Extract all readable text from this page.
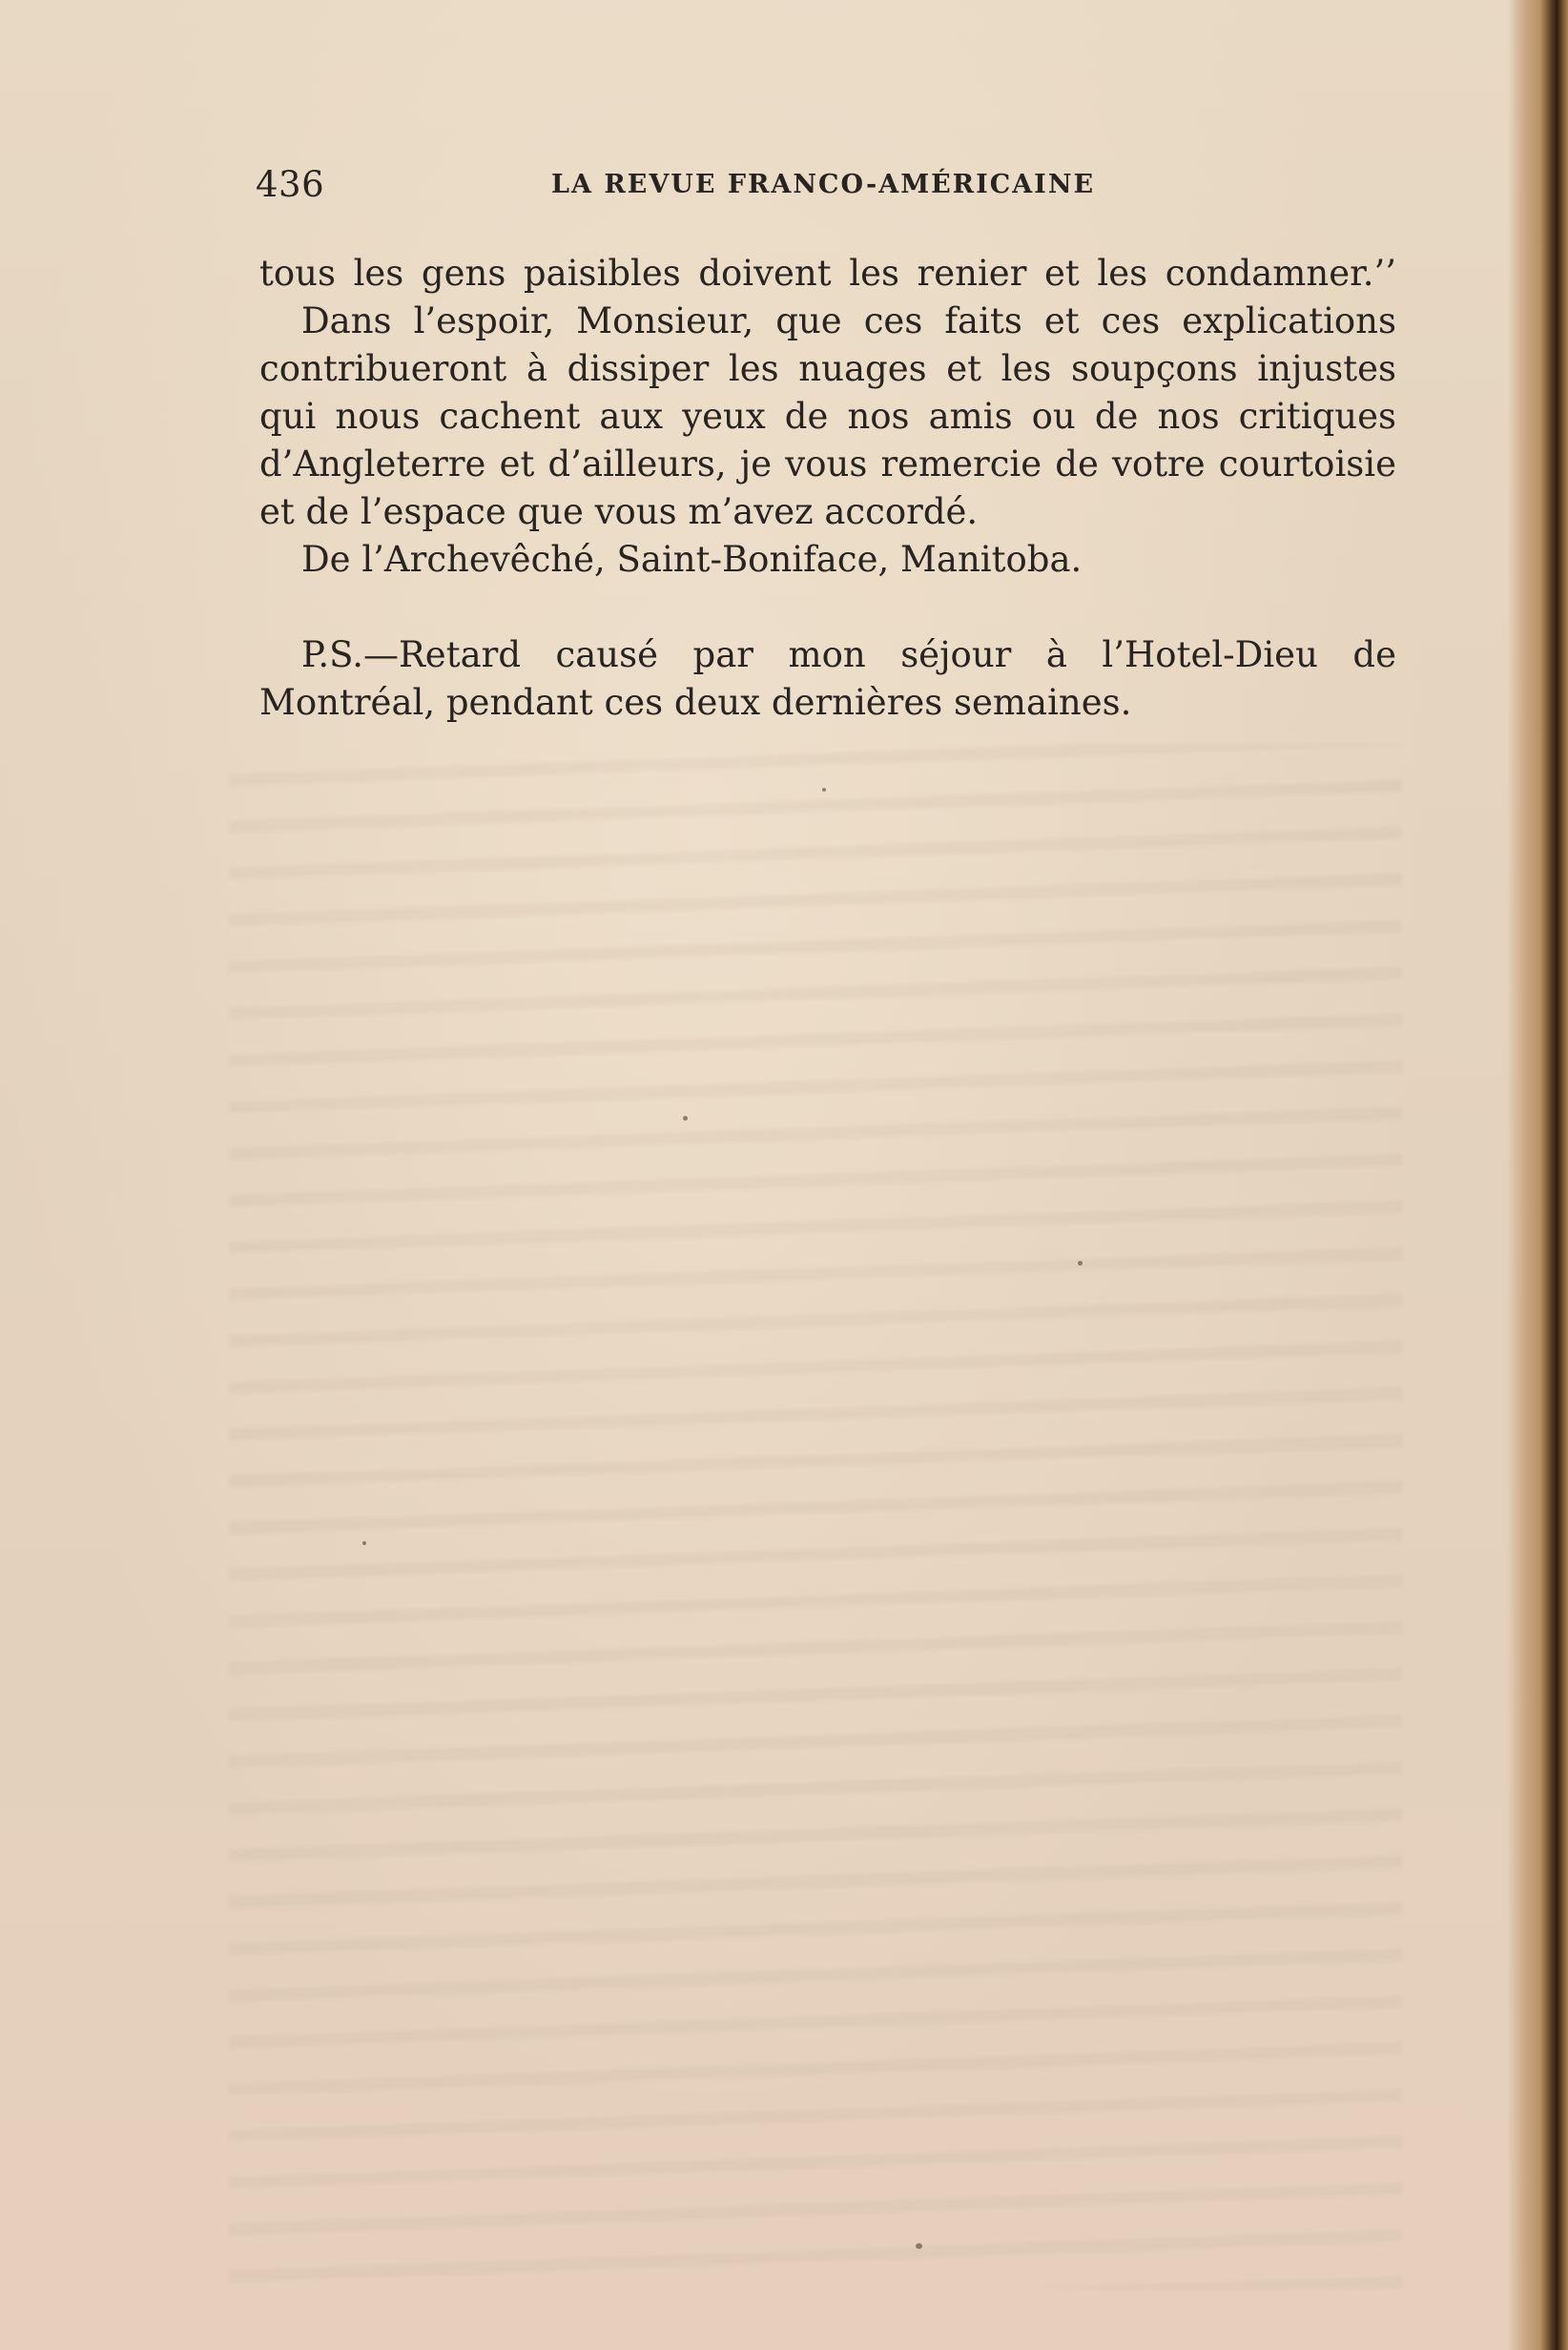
436	LA REVUE FRANCO-AMÉRICAINE
tous les gens paisibles doivent les renier et les condamner.’’
Dans l’espoir, Monsieur, que ces faits et ces explications
contribueront à dissiper les nuages et les soupçons injustes
qui nous cachent aux yeux de nos amis ou de nos critiques
d’Angleterre et d’ailleurs, je vous remercie de votre courtoisie
et de l’espace que vous m’avez accordé.
De l’Archevêché, Saint-Boniface, Manitoba.
P.S.—Retard causé par mon séjour à l’Hotel-Dieu de
Montréal, pendant ces deux dernières semaines.
